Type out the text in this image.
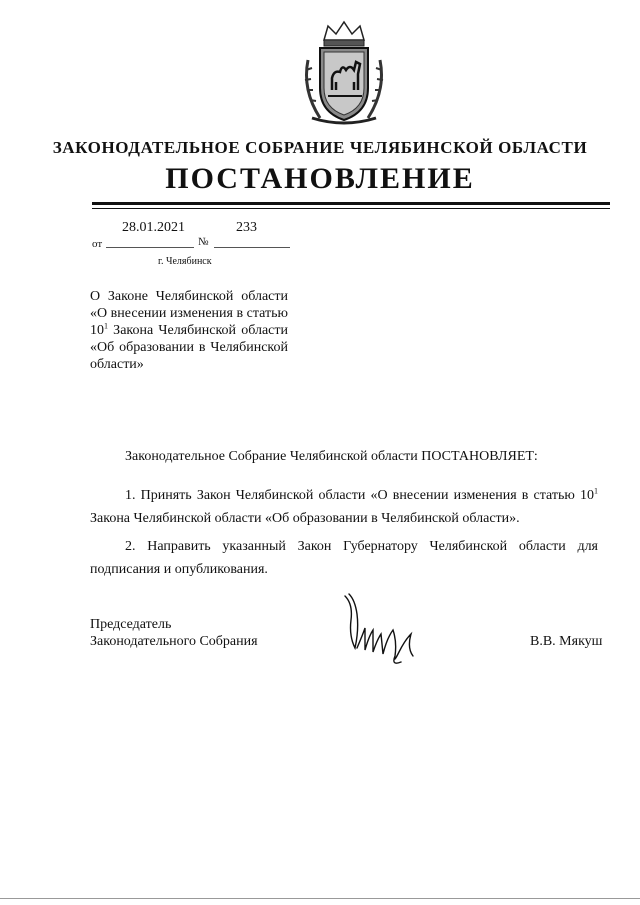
ЗАКОНОДАТЕЛЬНОЕ СОБРАНИЕ ЧЕЛЯБИНСКОЙ ОБЛАСТИ
ПОСТАНОВЛЕНИЕ
28.01.2021	233
от	№
г. Челябинск
О Законе Челябинской области «О внесении изменения в статью $10^1$ Закона Челябинской области «Об образовании в Челябинской области»
Законодательное Собрание Челябинской области ПОСТАНОВЛЯЕТ:
1. Принять Закон Челябинской области «О внесении изменения в статью $10^1$ Закона Челябинской области «Об образовании в Челябинской области».
2. Направить указанный Закон Губернатору Челябинской области для подписания и опубликования.
Председатель
Законодательного Собрания	В.В. Мякуш
